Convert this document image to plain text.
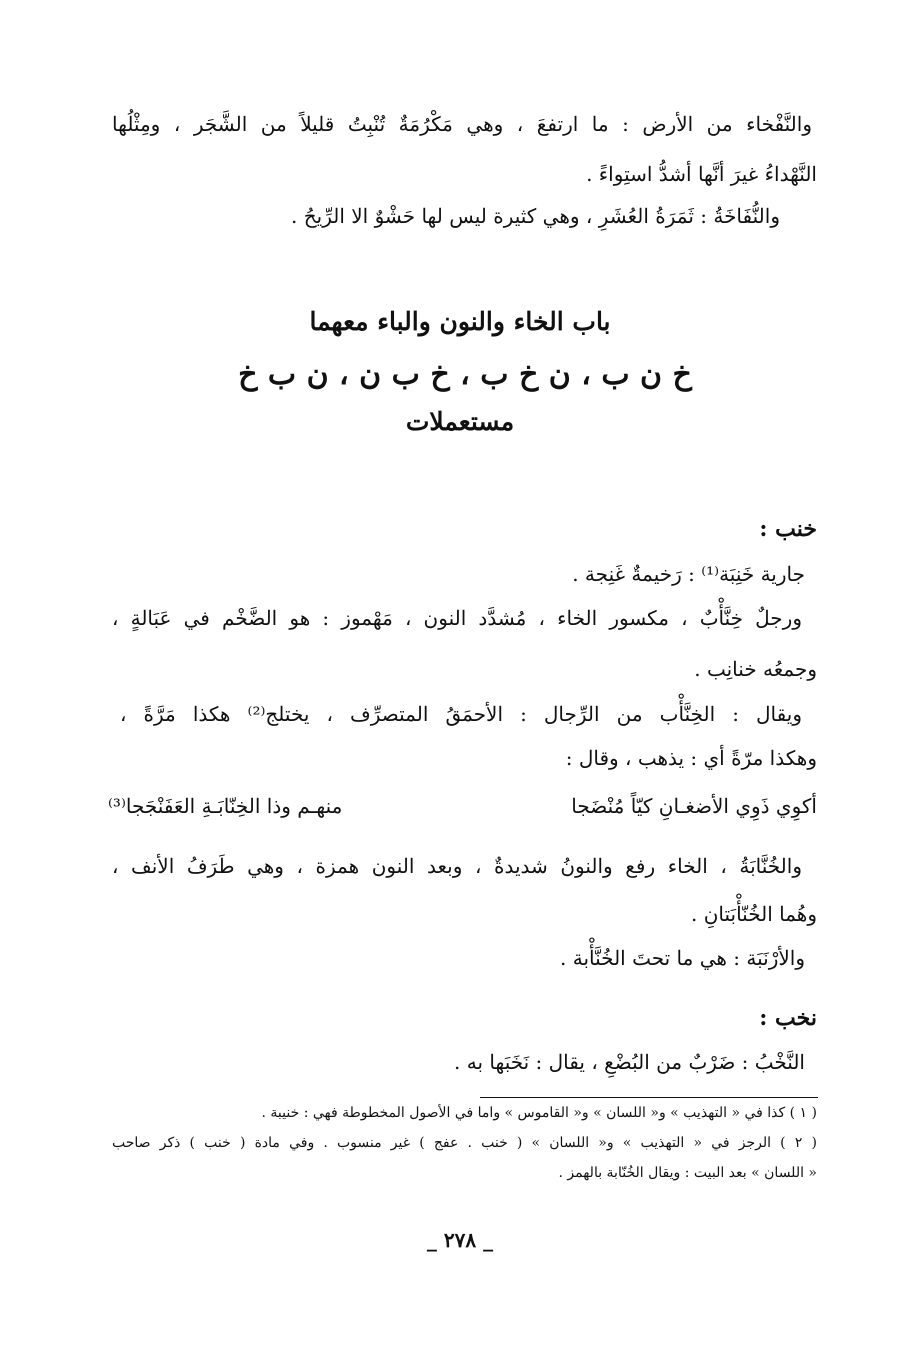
والنَّفْخاء من الأرض : ما ارتفعَ ، وهي مَكْرُمَةٌ تُنْبِتُ قليلاً من الشَّجَر ، ومِثْلُها
النَّهْداءُ غيرَ أنَّها أشدُّ استِواءً .
والنُّفَاخَةُ : ثَمَرَةُ العُشَرِ ، وهي كثيرة ليس لها حَشْوٌ الا الرِّيحُ .
باب الخاء والنون والباء معهما
خ ن ب ، ن خ ب ، خ ب ن ، ن ب خ
مستعملات
خنب :
جارية خَنِبَة⁽¹⁾ : رَخيمةٌ غَنِجة .
ورجلٌ خِنَّأْبٌ ، مكسور الخاء ، مُشدَّد النون ، مَهْموز : هو الضَّخْم في عَبَالةٍ ،
وجمعُه خنانِب .
ويقال : الخِنَّأْب من الرِّجال : الأحمَقُ المتصرِّف ، يختلج⁽²⁾ هكذا مَرَّةً ،
وهكذا مرّةً أي : يذهب ، وقال :
أكوِي ذَوِي الأضغـانِ كيّاً مُنْضَجا
منهـم وذا الخِنّابَـةِ العَفَنْجَجا⁽³⁾
والخُنَّابَةُ ، الخاء رفع والنونُ شديدةٌ ، وبعد النون همزة ، وهي طَرَفُ الأنف ،
وهُما الخُنّأْبَتانِ .
والأرْنَبَة : هي ما تحتَ الخُنَّأْبة .
نخب :
النَّخْبُ : ضَرْبٌ من البُضْعِ ، يقال : نَخَبَها به .
( ١ ) كذا في « التهذيب » و« اللسان » و« القاموس » واما في الأصول المخطوطة فهي : خنيبة .
( ٢ ) الرجز في « التهذيب » و« اللسان » ( خنب . عفج ) غير منسوب . وفي مادة ( خنب ) ذكر صاحب
« اللسان » بعد البيت : ويقال الخُنّابة بالهمز .
_ ٢٧٨ _
